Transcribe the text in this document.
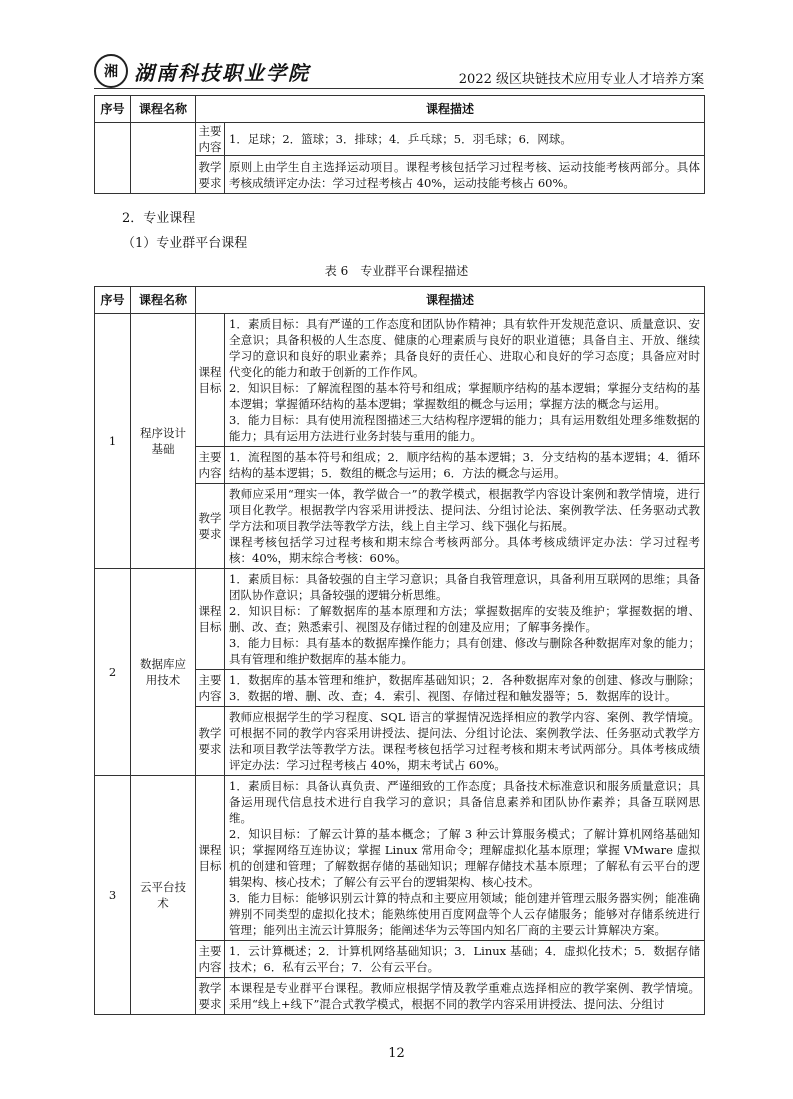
湘 湖南科技职业学院	2022 级区块链技术应用专业人才培养方案
序号	课程名称	课程描述	
		主要内容	1．足球；2．篮球；3．排球；4．乒乓球；5．羽毛球；6．网球。
		教学要求	原则上由学生自主选择运动项目。课程考核包括学习过程考核、运动技能考核两部分。具体考核成绩评定办法：学习过程考核占 40%，运动技能考核占 60%。
2．专业课程
（1）专业群平台课程
表 6　专业群平台课程描述
序号	课程名称	课程描述	
1	程序设计基础	课程目标	1．素质目标：具有严谨的工作态度和团队协作精神；具有软件开发规范意识、质量意识、安全意识；具备积极的人生态度、健康的心理素质与良好的职业道德；具备自主、开放、继续学习的意识和良好的职业素养；具备良好的责任心、进取心和良好的学习态度；具备应对时代变化的能力和敢于创新的工作作风。
2．知识目标：了解流程图的基本符号和组成；掌握顺序结构的基本逻辑；掌握分支结构的基本逻辑；掌握循环结构的基本逻辑；掌握数组的概念与运用；掌握方法的概念与运用。
3．能力目标：具有使用流程图描述三大结构程序逻辑的能力；具有运用数组处理多维数据的能力；具有运用方法进行业务封装与重用的能力。

		主要内容	1．流程图的基本符号和组成；2．顺序结构的基本逻辑；3．分支结构的基本逻辑；4．循环结构的基本逻辑；5．数组的概念与运用；6．方法的概念与运用。
		教学要求	教师应采用“理实一体，教学做合一”的教学模式，根据教学内容设计案例和教学情境，进行项目化教学。根据教学内容采用讲授法、提问法、分组讨论法、案例教学法、任务驱动式教学方法和项目教学法等教学方法，线上自主学习、线下强化与拓展。
课程考核包括学习过程考核和期末综合考核两部分。具体考核成绩评定办法：学习过程考核：40%，期末综合考核：60%。

2	数据库应用技术	课程目标	1．素质目标：具备较强的自主学习意识；具备自我管理意识，具备利用互联网的思维；具备团队协作意识；具备较强的逻辑分析思维。
2．知识目标：了解数据库的基本原理和方法；掌握数据库的安装及维护；掌握数据的增、删、改、查；熟悉索引、视图及存储过程的创建及应用；了解事务操作。
3．能力目标：具有基本的数据库操作能力；具有创建、修改与删除各种数据库对象的能力；具有管理和维护数据库的基本能力。

		主要内容	1．数据库的基本管理和维护，数据库基础知识；2．各种数据库对象的创建、修改与删除；3．数据的增、删、改、查；4．索引、视图、存储过程和触发器等；5．数据库的设计。
		教学要求	教师应根据学生的学习程度、SQL 语言的掌握情况选择相应的教学内容、案例、教学情境。可根据不同的教学内容采用讲授法、提问法、分组讨论法、案例教学法、任务驱动式教学方法和项目教学法等教学方法。课程考核包括学习过程考核和期末考试两部分。具体考核成绩评定办法：学习过程考核占 40%，期末考试占 60%。

3	云平台技术	课程目标	1．素质目标：具备认真负责、严谨细致的工作态度；具备技术标准意识和服务质量意识；具备运用现代信息技术进行自我学习的意识；具备信息素养和团队协作素养；具备互联网思维。
2．知识目标：了解云计算的基本概念；了解 3 种云计算服务模式；了解计算机网络基础知识；掌握网络互连协议；掌握 Linux 常用命令；理解虚拟化基本原理；掌握 VMware 虚拟机的创建和管理；了解数据存储的基础知识；理解存储技术基本原理；了解私有云平台的逻辑架构、核心技术；了解公有云平台的逻辑架构、核心技术。
3．能力目标：能够识别云计算的特点和主要应用领域；能创建并管理云服务器实例；能准确辨别不同类型的虚拟化技术；能熟练使用百度网盘等个人云存储服务；能够对存储系统进行管理；能列出主流云计算服务；能阐述华为云等国内知名厂商的主要云计算解决方案。

		主要内容	1．云计算概述；2．计算机网络基础知识；3．Linux 基础；4．虚拟化技术；5．数据存储技术；6．私有云平台；7．公有云平台。
		教学要求	本课程是专业群平台课程。教师应根据学情及教学重难点选择相应的教学案例、教学情境。采用“线上+线下”混合式教学模式，根据不同的教学内容采用讲授法、提问法、分组讨
12
